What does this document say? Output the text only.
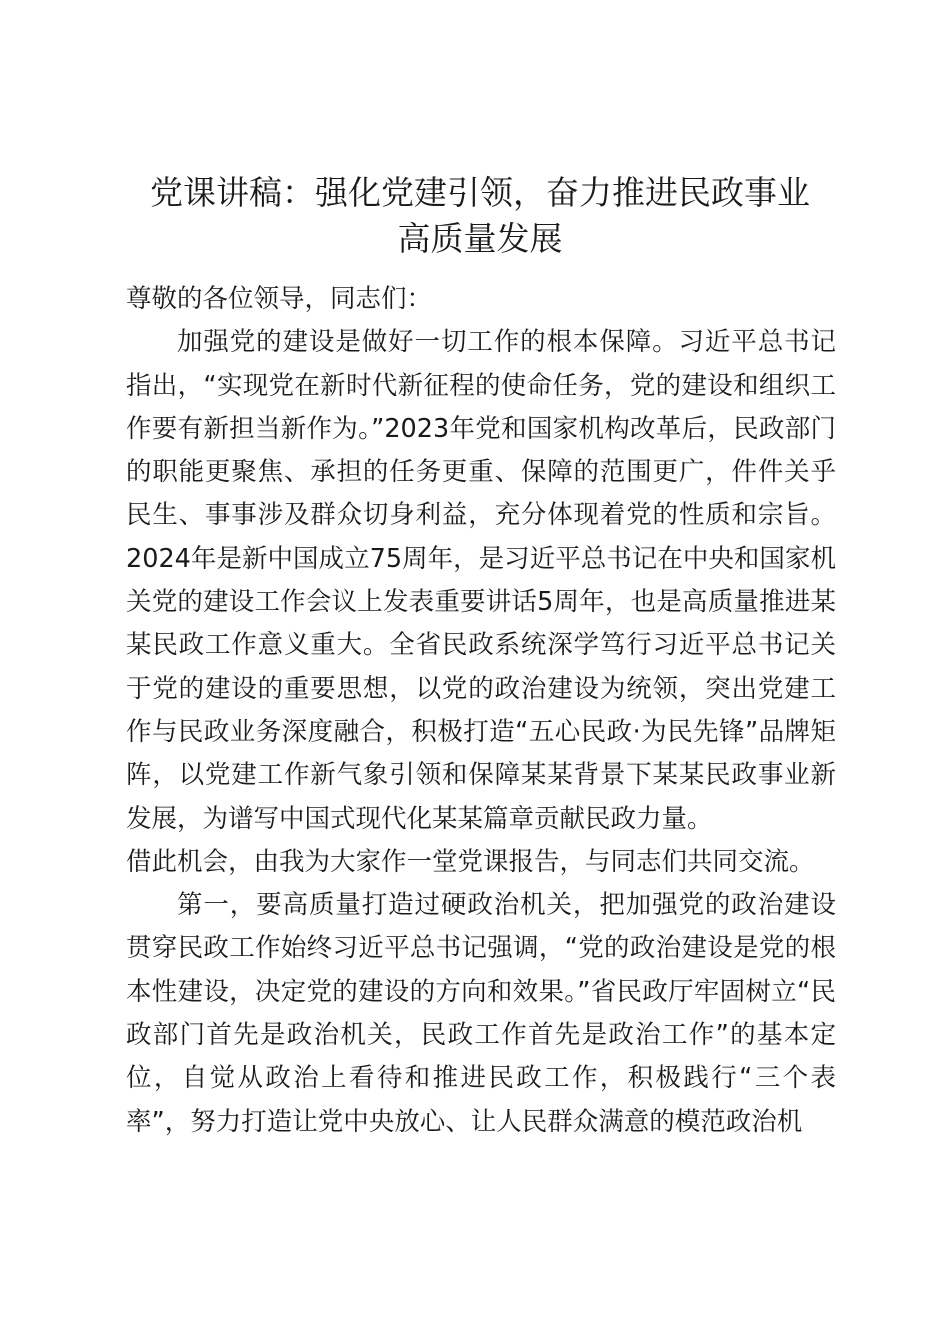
党课讲稿：强化党建引领，奋力推进民政事业
高质量发展

尊敬的各位领导，同志们：

加强党的建设是做好一切工作的根本保障。习近平总书记指出，“实现党在新时代新征程的使命任务，党的建设和组织工作要有新担当新作为。”2023年党和国家机构改革后，民政部门的职能更聚焦、承担的任务更重、保障的范围更广，件件关乎民生、事事涉及群众切身利益，充分体现着党的性质和宗旨。2024年是新中国成立75周年，是习近平总书记在中央和国家机关党的建设工作会议上发表重要讲话5周年，也是高质量推进某某民政工作意义重大。全省民政系统深学笃行习近平总书记关于党的建设的重要思想，以党的政治建设为统领，突出党建工作与民政业务深度融合，积极打造“五心民政·为民先锋”品牌矩阵，以党建工作新气象引领和保障某某背景下某某民政事业新发展，为谱写中国式现代化某某篇章贡献民政力量。

借此机会，由我为大家作一堂党课报告，与同志们共同交流。

第一，要高质量打造过硬政治机关，把加强党的政治建设贯穿民政工作始终习近平总书记强调，“党的政治建设是党的根本性建设，决定党的建设的方向和效果。”省民政厅牢固树立“民政部门首先是政治机关，民政工作首先是政治工作”的基本定位，自觉从政治上看待和推进民政工作，积极践行“三个表率”，努力打造让党中央放心、让人民群众满意的模范政治机
